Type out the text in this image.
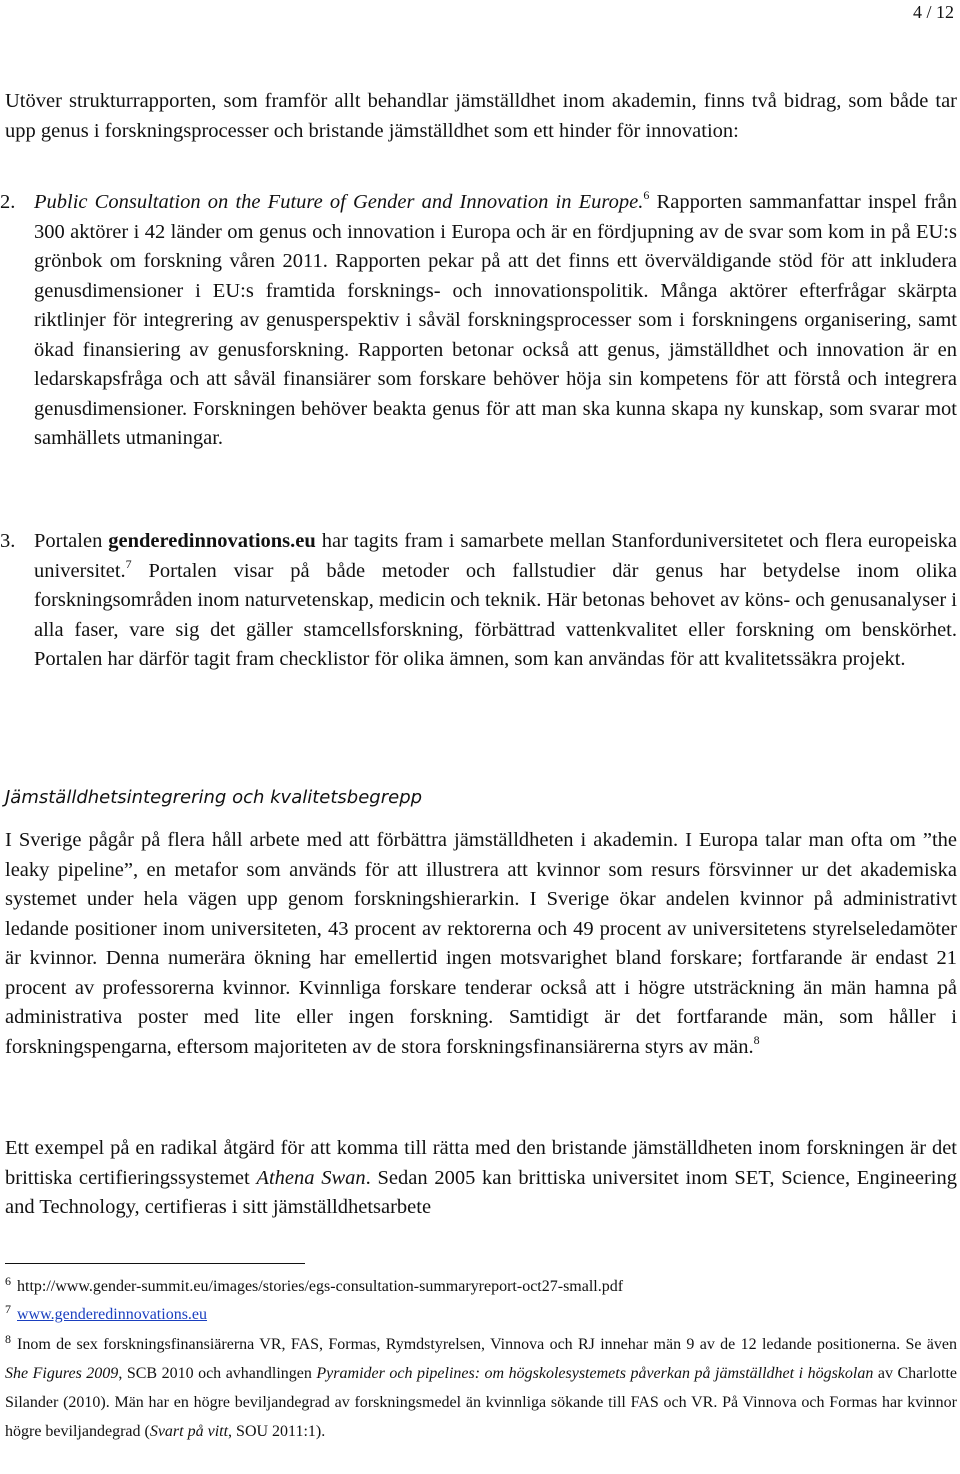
4 / 12

Utöver strukturrapporten, som framför allt behandlar jämställdhet inom akademin, finns två bidrag, som både tar upp genus i forskningsprocesser och bristande jämställdhet som ett hinder för innovation:

2. Public Consultation on the Future of Gender and Innovation in Europe.$^6$ Rapporten sammanfattar inspel från 300 aktörer i 42 länder om genus och innovation i Europa och är en fördjupning av de svar som kom in på EU:s grönbok om forskning våren 2011. Rapporten pekar på att det finns ett överväldigande stöd för att inkludera genusdimensioner i EU:s framtida forsknings- och innovationspolitik. Många aktörer efterfrågar skärpta riktlinjer för integrering av genusperspektiv i såväl forskningsprocesser som i forskningens organisering, samt ökad finansiering av genusforskning. Rapporten betonar också att genus, jämställdhet och innovation är en ledarskapsfråga och att såväl finansiärer som forskare behöver höja sin kompetens för att förstå och integrera genusdimensioner. Forskningen behöver beakta genus för att man ska kunna skapa ny kunskap, som svarar mot samhällets utmaningar.
3. Portalen genderedinnovations.eu har tagits fram i samarbete mellan Stanforduniversitetet och flera europeiska universitet.$^7$ Portalen visar på både metoder och fallstudier där genus har betydelse inom olika forskningsområden inom naturvetenskap, medicin och teknik. Här betonas behovet av köns- och genusanalyser i alla faser, vare sig det gäller stamcellsforskning, förbättrad vattenkvalitet eller forskning om benskörhet. Portalen har därför tagit fram checklistor för olika ämnen, som kan användas för att kvalitetssäkra projekt.
Jämställdhetsintegrering och kvalitetsbegrepp

I Sverige pågår på flera håll arbete med att förbättra jämställdheten i akademin. I Europa talar man ofta om ”the leaky pipeline”, en metafor som används för att illustrera att kvinnor som resurs försvinner ur det akademiska systemet under hela vägen upp genom forskningshierarkin. I Sverige ökar andelen kvinnor på administrativt ledande positioner inom universiteten, 43 procent av rektorerna och 49 procent av universitetens styrelseledamöter är kvinnor. Denna numerära ökning har emellertid ingen motsvarighet bland forskare; fortfarande är endast 21 procent av professorerna kvinnor. Kvinnliga forskare tenderar också att i högre utsträckning än män hamna på administrativa poster med lite eller ingen forskning. Samtidigt är det fortfarande män, som håller i forskningspengarna, eftersom majoriteten av de stora forskningsfinansiärerna styrs av män.$^8$

Ett exempel på en radikal åtgärd för att komma till rätta med den bristande jämställdheten inom forskningen är det brittiska certifieringssystemet Athena Swan. Sedan 2005 kan brittiska universitet inom SET, Science, Engineering and Technology, certifieras i sitt jämställdhetsarbete

$^6$ http://www.gender-summit.eu/images/stories/egs-consultation-summaryreport-oct27-small.pdf

$^7$ www.genderedinnovations.eu

$^8$ Inom de sex forskningsfinansiärerna VR, FAS, Formas, Rymdstyrelsen, Vinnova och RJ innehar män 9 av de 12 ledande positionerna. Se även She Figures 2009, SCB 2010 och avhandlingen Pyramider och pipelines: om högskolesystemets påverkan på jämställdhet i högskolan av Charlotte Silander (2010). Män har en högre beviljandegrad av forskningsmedel än kvinnliga sökande till FAS och VR. På Vinnova och Formas har kvinnor högre beviljandegrad (Svart på vitt, SOU 2011:1).
